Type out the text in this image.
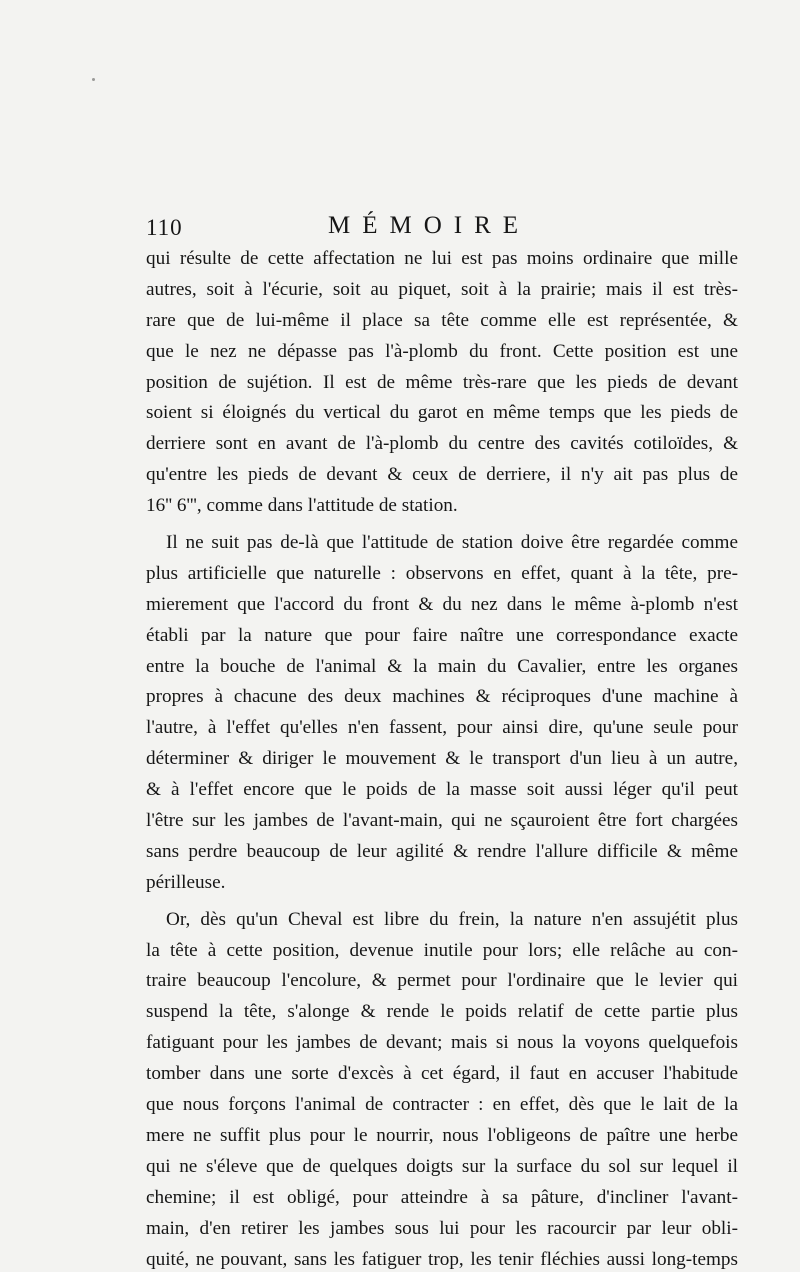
110	MÉMOIRE
qui résulte de cette affectation ne lui est pas moins ordinaire que mille
autres, soit à l'écurie, soit au piquet, soit à la prairie; mais il est très-
rare que de lui-même il place sa tête comme elle est représentée, &
que le nez ne dépasse pas l'à-plomb du front. Cette position est une
position de sujétion. Il est de même très-rare que les pieds de devant
soient si éloignés du vertical du garot en même temps que les pieds de
derriere sont en avant de l'à-plomb du centre des cavités cotiloïdes, &
qu'entre les pieds de devant & ceux de derriere, il n'y ait pas plus de
16'' 6''', comme dans l'attitude de station.
Il ne suit pas de-là que l'attitude de station doive être regardée comme
plus artificielle que naturelle : observons en effet, quant à la tête, pre-
mierement que l'accord du front & du nez dans le même à-plomb n'est
établi par la nature que pour faire naître une correspondance exacte
entre la bouche de l'animal & la main du Cavalier, entre les organes
propres à chacune des deux machines & réciproques d'une machine à
l'autre, à l'effet qu'elles n'en fassent, pour ainsi dire, qu'une seule pour
déterminer & diriger le mouvement & le transport d'un lieu à un autre,
& à l'effet encore que le poids de la masse soit aussi léger qu'il peut
l'être sur les jambes de l'avant-main, qui ne sçauroient être fort chargées
sans perdre beaucoup de leur agilité & rendre l'allure difficile & même
périlleuse.
Or, dès qu'un Cheval est libre du frein, la nature n'en assujétit plus
la tête à cette position, devenue inutile pour lors; elle relâche au con-
traire beaucoup l'encolure, & permet pour l'ordinaire que le levier qui
suspend la tête, s'alonge & rende le poids relatif de cette partie plus
fatiguant pour les jambes de devant; mais si nous la voyons quelquefois
tomber dans une sorte d'excès à cet égard, il faut en accuser l'habitude
que nous forçons l'animal de contracter : en effet, dès que le lait de la
mere ne suffit plus pour le nourrir, nous l'obligeons de paître une herbe
qui ne s'éleve que de quelques doigts sur la surface du sol sur lequel il
chemine; il est obligé, pour atteindre à sa pâture, d'incliner l'avant-
main, d'en retirer les jambes sous lui pour les racourcir par leur obli-
quité, ne pouvant, sans les fatiguer trop, les tenir fléchies aussi long-temps
